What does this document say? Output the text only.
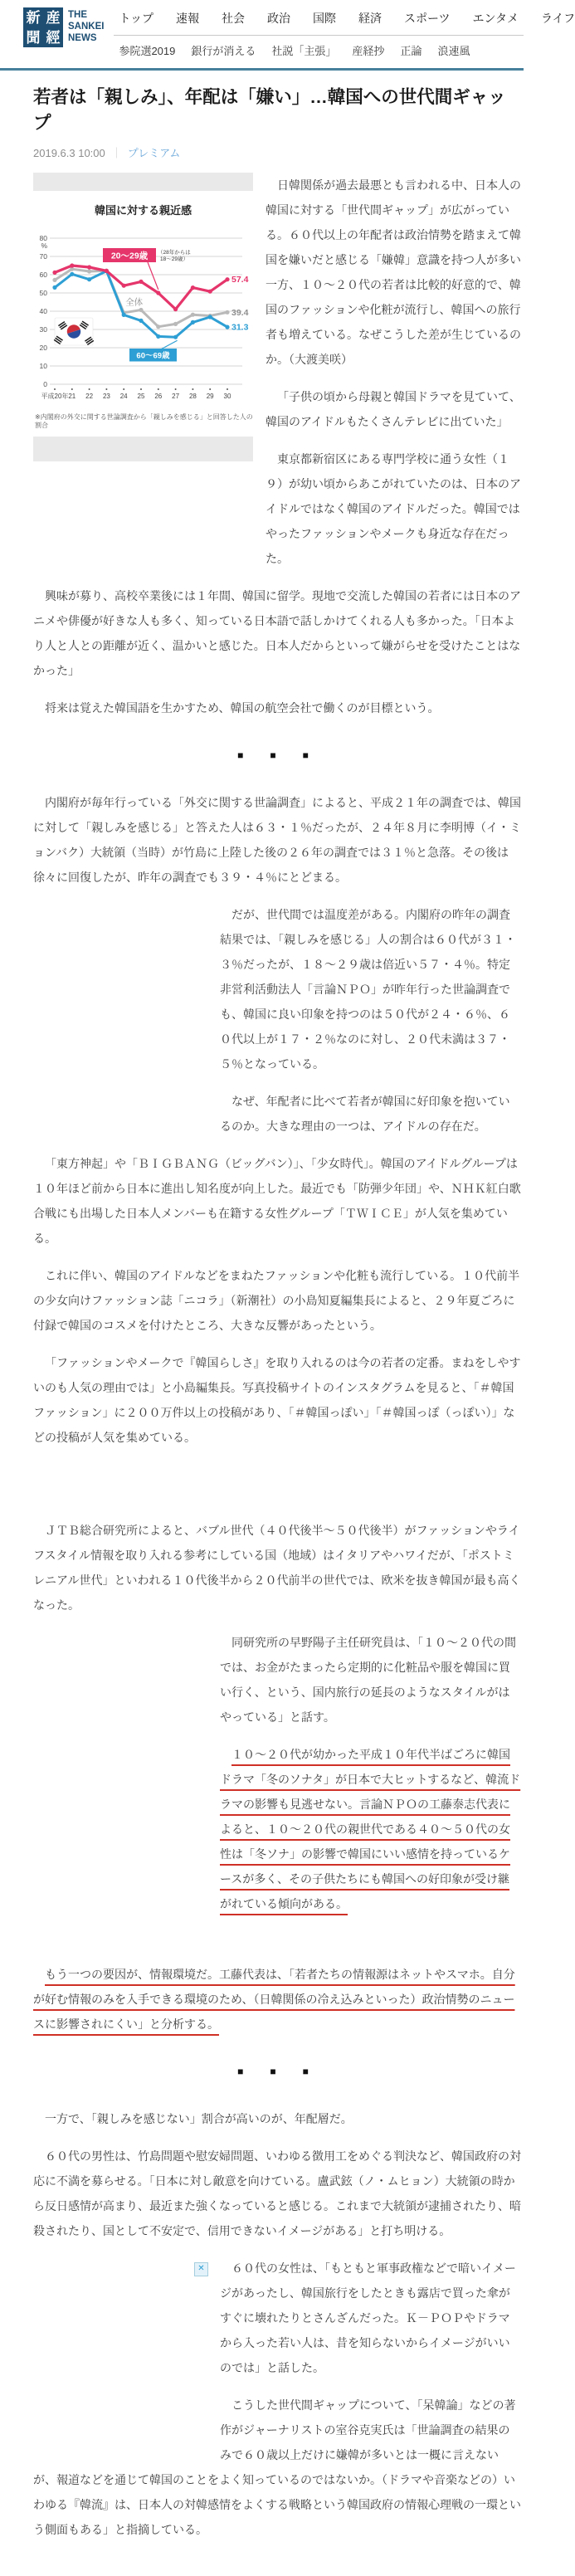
新 産
聞 經
THE
SANKEI
NEWS
トップ 速報 社会 政治 国際 経済 スポーツ エンタメ ライフ
参院選2019 銀行が消える 社説「主張」 産経抄 正論 浪速風
若者は「親しみ」、年配は「嫌い」…韓国への世代間ギャップ
2019.6.3 10:00 ｜ プレミアム
韓国に対する親近感
0
10
20
30
40
50
60
70
80
%
平成20年 21 22 23 24 25 26 27 28 29 30
39.4
31.3
57.4
20～29歳 （28年からは
18～29歳）
全体
60～69歳
※内閣府の外交に関する世論調査から「親しみを感じる」と回答した人の割合

日韓関係が過去最悪とも言われる中、日本人の韓国に対する「世代間ギャップ」が広がっている。６０代以上の年配者は政治情勢を踏まえて韓国を嫌いだと感じる「嫌韓」意識を持つ人が多い一方、１０～２０代の若者は比較的好意的で、韓国のファッションや化粧が流行し、韓国への旅行者も増えている。なぜこうした差が生じているのか。（大渡美咲）

「子供の頃から母親と韓国ドラマを見ていて、韓国のアイドルもたくさんテレビに出ていた」

東京都新宿区にある専門学校に通う女性（１９）が幼い頃からあこがれていたのは、日本のアイドルではなく韓国のアイドルだった。韓国ではやったファッションやメークも身近な存在だった。

興味が募り、高校卒業後には１年間、韓国に留学。現地で交流した韓国の若者には日本のアニメや俳優が好きな人も多く、知っている日本語で話しかけてくれる人も多かった。「日本より人と人との距離が近く、温かいと感じた。日本人だからといって嫌がらせを受けたことはなかった」

将来は覚えた韓国語を生かすため、韓国の航空会社で働くのが目標という。

■　■　■

内閣府が毎年行っている「外交に関する世論調査」によると、平成２１年の調査では、韓国に対して「親しみを感じる」と答えた人は６３・１％だったが、２４年８月に李明博（イ・ミョンバク）大統領（当時）が竹島に上陸した後の２６年の調査では３１％と急落。その後は徐々に回復したが、昨年の調査でも３９・４％にとどまる。

だが、世代間では温度差がある。内閣府の昨年の調査結果では、「親しみを感じる」人の割合は６０代が３１・３％だったが、１８～２９歳は倍近い５７・４％。特定非営利活動法人「言論ＮＰＯ」が昨年行った世論調査でも、韓国に良い印象を持つのは５０代が２４・６％、６０代以上が１７・２％なのに対し、２０代未満は３７・５％となっている。

なぜ、年配者に比べて若者が韓国に好印象を抱いているのか。大きな理由の一つは、アイドルの存在だ。

「東方神起」や「ＢＩＧＢＡＮＧ（ビッグバン）」、「少女時代」。韓国のアイドルグループは１０年ほど前から日本に進出し知名度が向上した。最近でも「防弾少年団」や、ＮＨＫ紅白歌合戦にも出場した日本人メンバーも在籍する女性グループ「ＴＷＩＣＥ」が人気を集めている。

これに伴い、韓国のアイドルなどをまねたファッションや化粧も流行している。１０代前半の少女向けファッション誌「ニコラ」（新潮社）の小島知夏編集長によると、２９年夏ごろに付録で韓国のコスメを付けたところ、大きな反響があったという。

「ファッションやメークで『韓国らしさ』を取り入れるのは今の若者の定番。まねをしやすいのも人気の理由では」と小島編集長。写真投稿サイトのインスタグラムを見ると、「＃韓国ファッション」に２００万件以上の投稿があり、「＃韓国っぽい」「＃韓国っぽ（っぽい）」などの投稿が人気を集めている。

ＪＴＢ総合研究所によると、バブル世代（４０代後半～５０代後半）がファッションやライフスタイル情報を取り入れる参考にしている国（地域）はイタリアやハワイだが、「ポストミレニアル世代」といわれる１０代後半から２０代前半の世代では、欧米を抜き韓国が最も高くなった。

同研究所の早野陽子主任研究員は、「１０～２０代の間では、お金がたまったら定期的に化粧品や服を韓国に買い行く、という、国内旅行の延長のようなスタイルがはやっている」と話す。

１０～２０代が幼かった平成１０年代半ばごろに韓国ドラマ「冬のソナタ」が日本で大ヒットするなど、韓流ドラマの影響も見逃せない。言論ＮＰＯの工藤泰志代表によると、１０～２０代の親世代である４０～５０代の女性は「冬ソナ」の影響で韓国にいい感情を持っているケースが多く、その子供たちにも韓国への好印象が受け継がれている傾向がある。

もう一つの要因が、情報環境だ。工藤代表は、「若者たちの情報源はネットやスマホ。自分が好む情報のみを入手できる環境のため、（日韓関係の冷え込みといった）政治情勢のニュースに影響されにくい」と分析する。

■　■　■

一方で、「親しみを感じない」割合が高いのが、年配層だ。

６０代の男性は、竹島問題や慰安婦問題、いわゆる徴用工をめぐる判決など、韓国政府の対応に不満を募らせる。「日本に対し敵意を向けている。盧武鉉（ノ・ムヒョン）大統領の時から反日感情が高まり、最近また強くなっていると感じる。これまで大統領が逮捕されたり、暗殺されたり、国として不安定で、信用できないイメージがある」と打ち明ける。

✕	６０代の女性は、「もともと軍事政権などで暗いイメージがあったし、韓国旅行をしたときも露店で買った傘がすぐに壊れたりとさんざんだった。Ｋ－ＰＯＰやドラマから入った若い人は、昔を知らないからイメージがいいのでは」と話した。

こうした世代間ギャップについて、「呆韓論」などの著作がジャーナリストの室谷克実氏は「世論調査の結果のみで６０歳以上だけに嫌韓が多いとは一概に言えないが、報道などを通じて韓国のことをよく知っているのではないか。（ドラマや音楽などの）いわゆる『韓流』は、日本人の対韓感情をよくする戦略という韓国政府の情報心理戦の一環という側面もある」と指摘している。
